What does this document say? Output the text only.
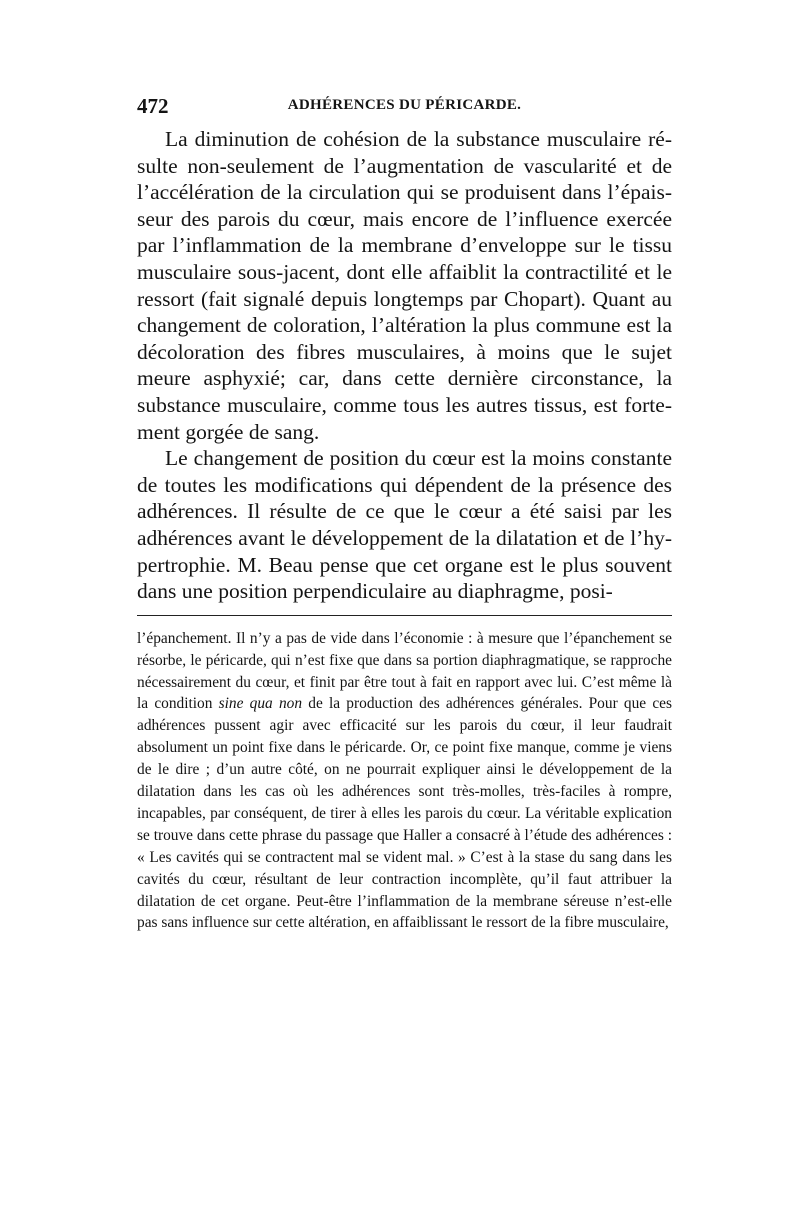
472	ADHÉRENCES DU PÉRICARDE.

La diminution de cohésion de la substance musculaire résulte non-seulement de l’augmentation de vascularité et de l’accélération de la circulation qui se produisent dans l’épaisseur des parois du cœur, mais encore de l’influence exercée par l’inflammation de la membrane d’enveloppe sur le tissu musculaire sous-jacent, dont elle affaiblit la contractilité et le ressort (fait signalé depuis longtemps par Chopart). Quant au changement de coloration, l’altération la plus commune est la décoloration des fibres musculaires, à moins que le sujet meure asphyxié; car, dans cette dernière circonstance, la substance musculaire, comme tous les autres tissus, est fortement gorgée de sang.

Le changement de position du cœur est la moins constante de toutes les modifications qui dépendent de la présence des adhérences. Il résulte de ce que le cœur a été saisi par les adhérences avant le développement de la dilatation et de l’hypertrophie. M. Beau pense que cet organe est le plus souvent dans une position perpendiculaire au diaphragme, posi-

l’épanchement. Il n’y a pas de vide dans l’économie : à mesure que l’épanchement se résorbe, le péricarde, qui n’est fixe que dans sa portion diaphragmatique, se rapproche nécessairement du cœur, et finit par être tout à fait en rapport avec lui. C’est même là la condition sine qua non de la production des adhérences générales. Pour que ces adhérences pussent agir avec efficacité sur les parois du cœur, il leur faudrait absolument un point fixe dans le péricarde. Or, ce point fixe manque, comme je viens de le dire ; d’un autre côté, on ne pourrait expliquer ainsi le développement de la dilatation dans les cas où les adhérences sont très-molles, très-faciles à rompre, incapables, par conséquent, de tirer à elles les parois du cœur. La véritable explication se trouve dans cette phrase du passage que Haller a consacré à l’étude des adhérences : « Les cavités qui se contractent mal se vident mal. » C’est à la stase du sang dans les cavités du cœur, résultant de leur contraction incomplète, qu’il faut attribuer la dilatation de cet organe. Peut-être l’inflammation de la membrane séreuse n’est-elle pas sans influence sur cette altération, en affaiblissant le ressort de la fibre musculaire,
